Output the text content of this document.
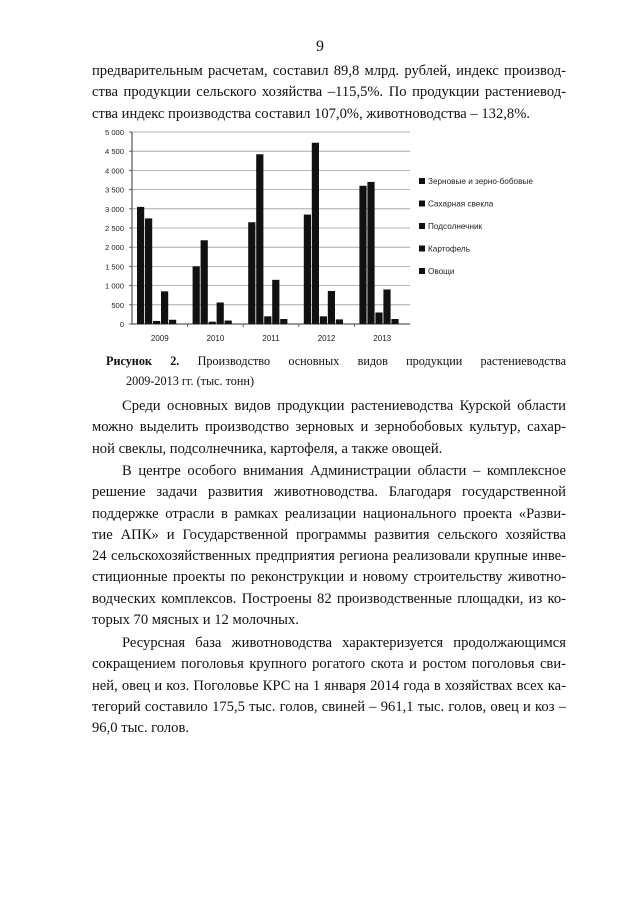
9
предварительным расчетам, составил 89,8 млрд. рублей, индекс производ-
ства продукции сельского хозяйства –115,5%. По продукции растениевод-
ства индекс производства составил 107,0%, животноводства – 132,8%.
0
500
1 000
1 500
2 000
2 500
3 000
3 500
4 000
4 500
5 000
2009	2010	2011	2012	2013
Зерновые и зерно-бобовые
Сахарная свекла
Подсолнечник
Картофель
Овощи
Рисунок 2. Производство основных видов продукции растениеводства
2009-2013 гг. (тыс. тонн)
Среди основных видов продукции растениеводства Курской области
можно выделить производство зерновых и зернобобовых культур, сахар-
ной свеклы, подсолнечника, картофеля, а также овощей.
В центре особого внимания Администрации области – комплексное
решение задачи развития животноводства. Благодаря государственной
поддержке отрасли в рамках реализации национального проекта «Разви-
тие АПК» и Государственной программы развития сельского хозяйства
24 сельскохозяйственных предприятия региона реализовали крупные инве-
стиционные проекты по реконструкции и новому строительству животно-
водческих комплексов. Построены 82 производственные площадки, из ко-
торых 70 мясных и 12 молочных.
Ресурсная база животноводства характеризуется продолжающимся
сокращением поголовья крупного рогатого скота и ростом поголовья сви-
ней, овец и коз. Поголовье КРС на 1 января 2014 года в хозяйствах всех ка-
тегорий составило 175,5 тыс. голов, свиней – 961,1 тыс. голов, овец и коз –
96,0 тыс. голов.
